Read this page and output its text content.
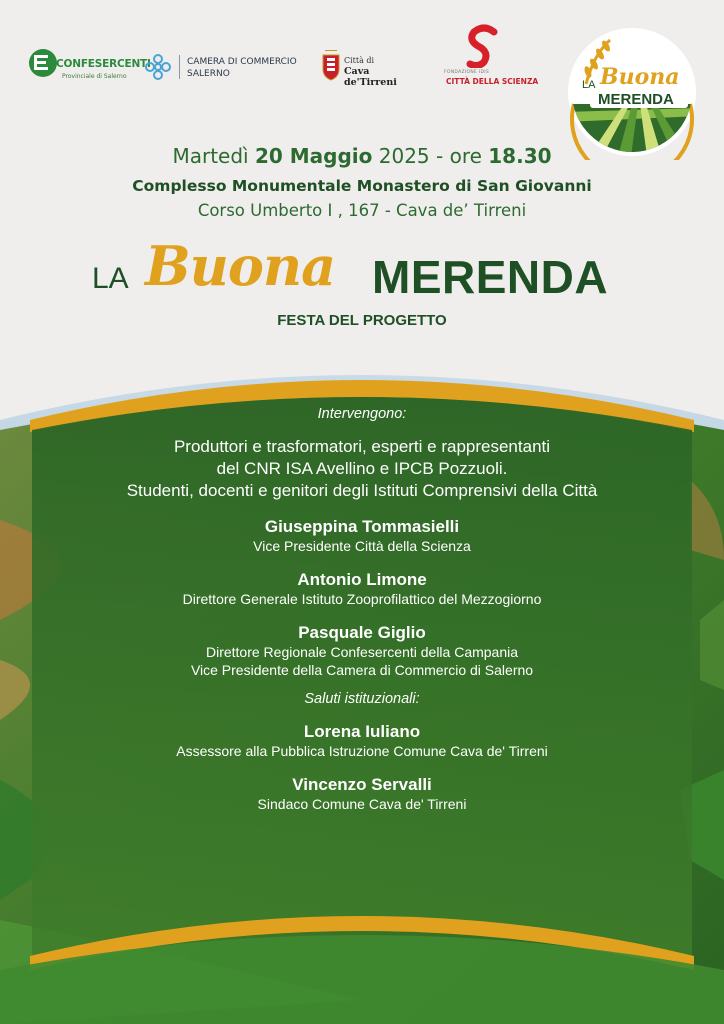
CONFESERCENTI
Provinciale di Salerno
CAMERA DI COMMERCIO
SALERNO
Città di
Cava de'Tirreni
FONDAZIONE IDIS
CITTÀ DELLA SCIENZA	LA Buona
MERENDA
Martedì 20 Maggio 2025 - ore 18.30
Complesso Monumentale Monastero di San Giovanni
Corso Umberto I , 167 - Cava de’ Tirreni
LA Buona MERENDA
FESTA DEL PROGETTO
Intervengono:
Produttori e trasformatori, esperti e rappresentanti
del CNR ISA Avellino e IPCB Pozzuoli.
Studenti, docenti e genitori degli Istituti Comprensivi della Città
Giuseppina Tommasielli
Vice Presidente Città della Scienza
Antonio Limone
Direttore Generale Istituto Zooprofilattico del Mezzogiorno
Pasquale Giglio
Direttore Regionale Confesercenti della Campania
Vice Presidente della Camera di Commercio di Salerno
Saluti istituzionali:
Lorena Iuliano
Assessore alla Pubblica Istruzione Comune Cava de' Tirreni
Vincenzo Servalli
Sindaco Comune Cava de' Tirreni
